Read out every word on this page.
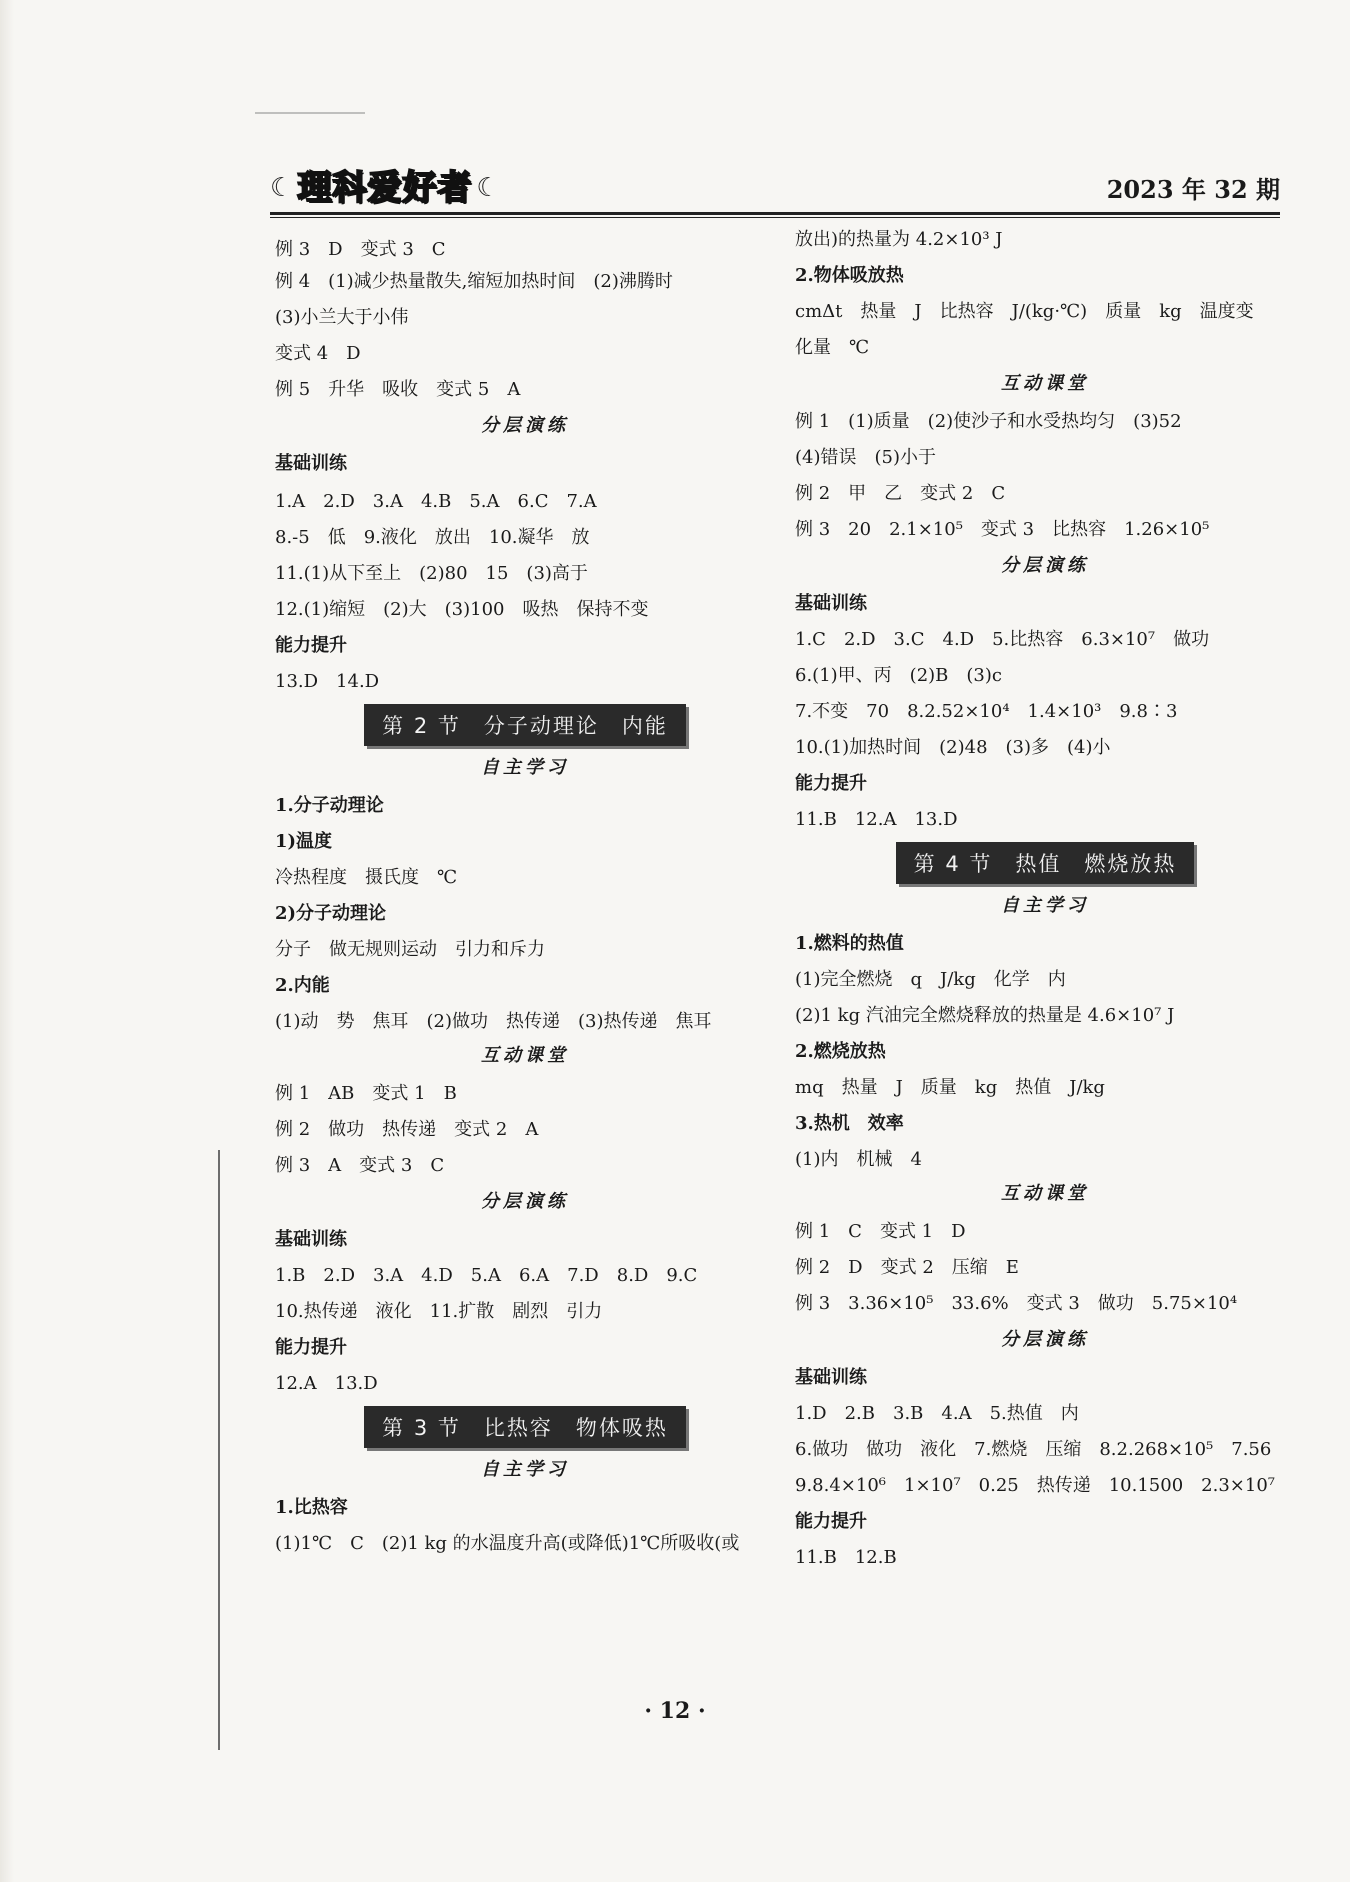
☾ 理科爱好者 ☾	2023 年 32 期
例 3　D　变式 3　C
例 4　(1)减少热量散失,缩短加热时间　(2)沸腾时
(3)小兰大于小伟
变式 4　D
例 5　升华　吸收　变式 5　A
分层演练
基础训练
1.A　2.D　3.A　4.B　5.A　6.C　7.A
8.-5　低　9.液化　放出　10.凝华　放
11.(1)从下至上　(2)80　15　(3)高于
12.(1)缩短　(2)大　(3)100　吸热　保持不变
能力提升
13.D　14.D
第 2 节　分子动理论　内能
自主学习
1.分子动理论
1)温度
冷热程度　摄氏度　℃
2)分子动理论
分子　做无规则运动　引力和斥力
2.内能
(1)动　势　焦耳　(2)做功　热传递　(3)热传递　焦耳
互动课堂
例 1　AB　变式 1　B
例 2　做功　热传递　变式 2　A
例 3　A　变式 3　C
分层演练
基础训练
1.B　2.D　3.A　4.D　5.A　6.A　7.D　8.D　9.C
10.热传递　液化　11.扩散　剧烈　引力
能力提升
12.A　13.D
第 3 节　比热容　物体吸热
自主学习
1.比热容
(1)1℃　C　(2)1 kg 的水温度升高(或降低)1℃所吸收(或
放出)的热量为 4.2×10³ J
2.物体吸放热
cmΔt　热量　J　比热容　J/(kg·℃)　质量　kg　温度变
化量　℃
互动课堂
例 1　(1)质量　(2)使沙子和水受热均匀　(3)52
(4)错误　(5)小于
例 2　甲　乙　变式 2　C
例 3　20　2.1×10⁵　变式 3　比热容　1.26×10⁵
分层演练
基础训练
1.C　2.D　3.C　4.D　5.比热容　6.3×10⁷　做功
6.(1)甲、丙　(2)B　(3)c
7.不变　70　8.2.52×10⁴　1.4×10³　9.8∶3
10.(1)加热时间　(2)48　(3)多　(4)小
能力提升
11.B　12.A　13.D
第 4 节　热值　燃烧放热
自主学习
1.燃料的热值
(1)完全燃烧　q　J/kg　化学　内
(2)1 kg 汽油完全燃烧释放的热量是 4.6×10⁷ J
2.燃烧放热
mq　热量　J　质量　kg　热值　J/kg
3.热机　效率
(1)内　机械　4
互动课堂
例 1　C　变式 1　D
例 2　D　变式 2　压缩　E
例 3　3.36×10⁵　33.6%　变式 3　做功　5.75×10⁴
分层演练
基础训练
1.D　2.B　3.B　4.A　5.热值　内
6.做功　做功　液化　7.燃烧　压缩　8.2.268×10⁵　7.56
9.8.4×10⁶　1×10⁷　0.25　热传递　10.1500　2.3×10⁷
能力提升
11.B　12.B
· 12 ·
